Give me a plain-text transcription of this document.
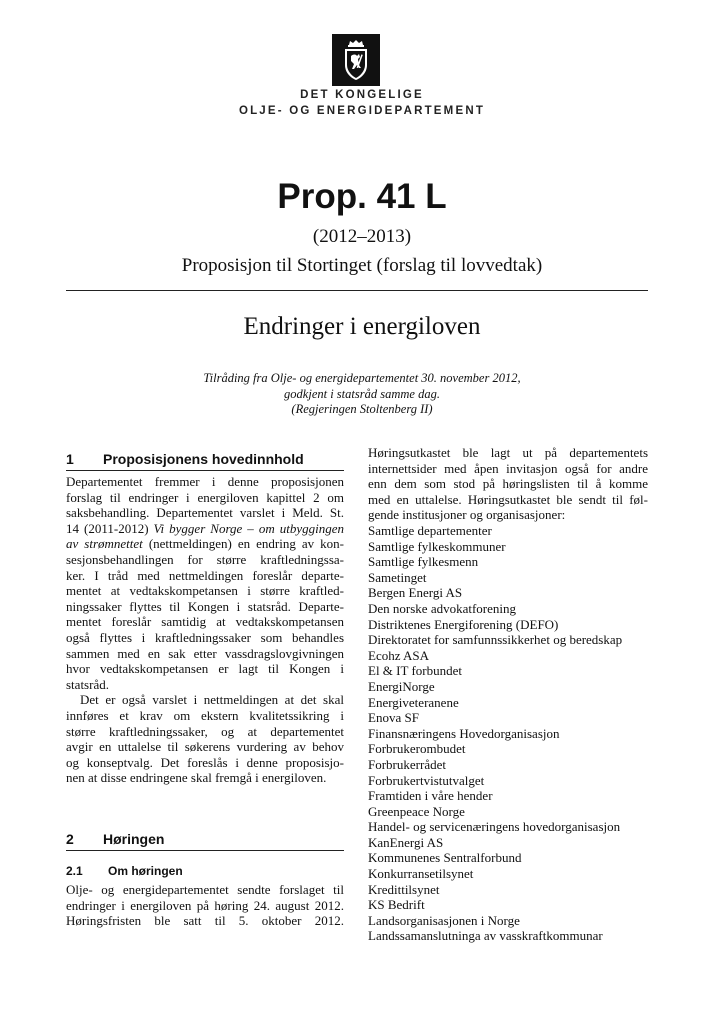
DET KONGELIGE
OLJE- OG ENERGIDEPARTEMENT
Prop. 41 L
(2012–2013)
Proposisjon til Stortinget (forslag til lovvedtak)
Endringer i energiloven
Tilråding fra Olje- og energidepartementet 30. november 2012,
godkjent i statsråd samme dag.
(Regjeringen Stoltenberg II)
1 Proposisjonens hovedinnhold
Departementet fremmer i denne proposisjonen
forslag til endringer i energiloven kapittel 2 om
saksbehandling. Departementet varslet i Meld. St.
14 (2011-2012) Vi bygger Norge – om utbyggingen
av strømnettet (nettmeldingen) en endring av kon-
sesjonsbehandlingen for større kraftledningssa-
ker. I tråd med nettmeldingen foreslår departe-
mentet at vedtakskompetansen i større kraftled-
ningssaker flyttes til Kongen i statsråd. Departe-
mentet foreslår samtidig at vedtakskompetansen
også flyttes i kraftledningssaker som behandles
sammen med en sak etter vassdragslovgivningen
hvor vedtakskompetansen er lagt til Kongen i
statsråd.
Det er også varslet i nettmeldingen at det skal
innføres et krav om ekstern kvalitetssikring i
større kraftledningssaker, og at departementet
avgir en uttalelse til søkerens vurdering av behov
og konseptvalg. Det foreslås i denne proposisjo-
nen at disse endringene skal fremgå i energiloven.
2 Høringen
2.1 Om høringen
Olje- og energidepartementet sendte forslaget til
endringer i energiloven på høring 24. august 2012.
Høringsfristen ble satt til 5. oktober 2012.
Høringsutkastet ble lagt ut på departementets
internettsider med åpen invitasjon også for andre
enn dem som stod på høringslisten til å komme
med en uttalelse. Høringsutkastet ble sendt til føl-
gende institusjoner og organisasjoner:
Samtlige departementer
Samtlige fylkeskommuner
Samtlige fylkesmenn
Sametinget
Bergen Energi AS
Den norske advokatforening
Distriktenes Energiforening (DEFO)
Direktoratet for samfunnssikkerhet og beredskap
Ecohz ASA
El & IT forbundet
EnergiNorge
Energiveteranene
Enova SF
Finansnæringens Hovedorganisasjon
Forbrukerombudet
Forbrukerrådet
Forbrukertvistutvalget
Framtiden i våre hender
Greenpeace Norge
Handel- og servicenæringens hovedorganisasjon
KanEnergi AS
Kommunenes Sentralforbund
Konkurransetilsynet
Kredittilsynet
KS Bedrift
Landsorganisasjonen i Norge
Landssamanslutninga av vasskraftkommunar
